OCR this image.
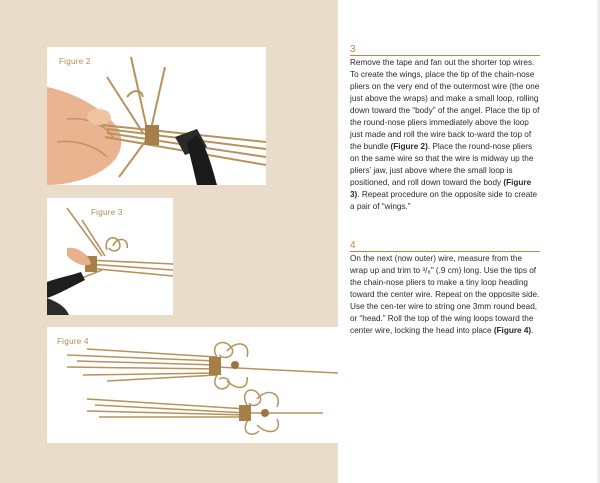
Figure 2
Figure 3
Figure 4
3

Remove the tape and fan out the shorter top wires. To create the wings, place the tip of the chain-nose pliers on the very end of the outermost wire (the one just above the wraps) and make a small loop, rolling down toward the “body” of the angel. Place the tip of the round-nose pliers immediately above the loop just made and roll the wire back to-ward the top of the bundle (Figure 2). Place the round-nose pliers on the same wire so that the wire is midway up the pliers’ jaw, just above where the small loop is positioned, and roll down toward the body (Figure 3). Repeat procedure on the opposite side to create a pair of “wings.”

4

On the next (now outer) wire, measure from the wrap up and trim to ³/₈" (.9 cm) long. Use the tips of the chain-nose pliers to make a tiny loop heading toward the center wire. Repeat on the opposite side. Use the cen-ter wire to string one 3mm round bead, or “head.” Roll the top of the wing loops toward the center wire, locking the head into place (Figure 4).
